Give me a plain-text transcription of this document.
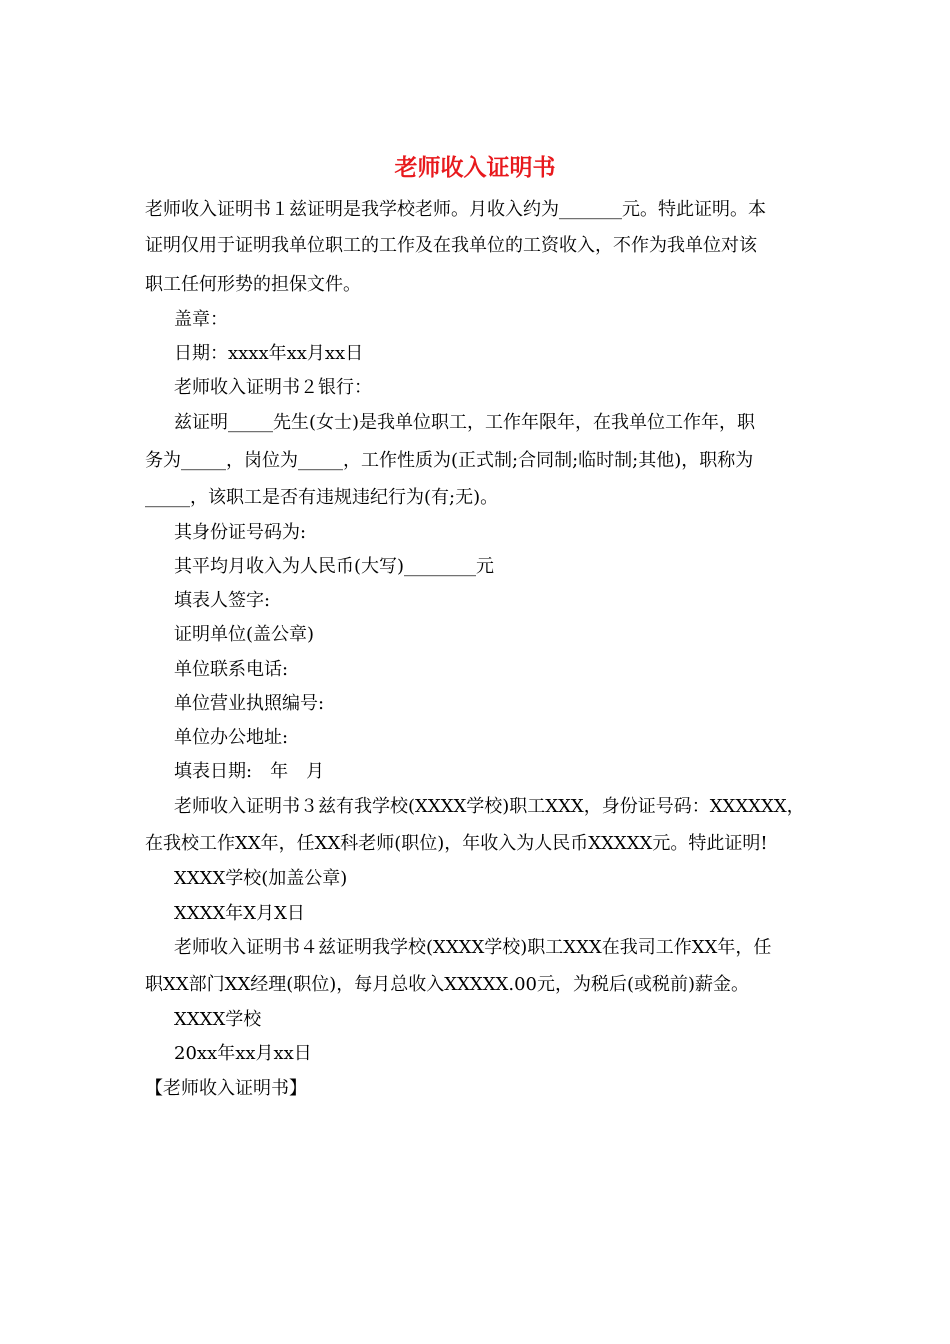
老师收入证明书
老师收入证明书１兹证明是我学校老师。月收入约为_______元。特此证明。本
证明仅用于证明我单位职工的工作及在我单位的工资收入，不作为我单位对该
职工任何形势的担保文件。
盖章：
日期：xxxx年xx月xx日
老师收入证明书２银行：
兹证明_____先生(女士)是我单位职工，工作年限年，在我单位工作年，职
务为_____，岗位为_____，工作性质为(正式制;合同制;临时制;其他)，职称为
_____，该职工是否有违规违纪行为(有;无)。
其身份证号码为:
其平均月收入为人民币(大写)________元
填表人签字:
证明单位(盖公章)
单位联系电话:
单位营业执照编号:
单位办公地址:
填表日期:　年　月
老师收入证明书３兹有我学校(XXXX学校)职工XXX，身份证号码：XXXXXX，
在我校工作XX年，任XX科老师(职位)，年收入为人民币XXXXX元。特此证明!
XXXX学校(加盖公章)
XXXX年X月X日
老师收入证明书４兹证明我学校(XXXX学校)职工XXX在我司工作XX年，任
职XX部门XX经理(职位)，每月总收入XXXXX.00元，为税后(或税前)薪金。
XXXX学校
20xx年xx月xx日
【老师收入证明书】
